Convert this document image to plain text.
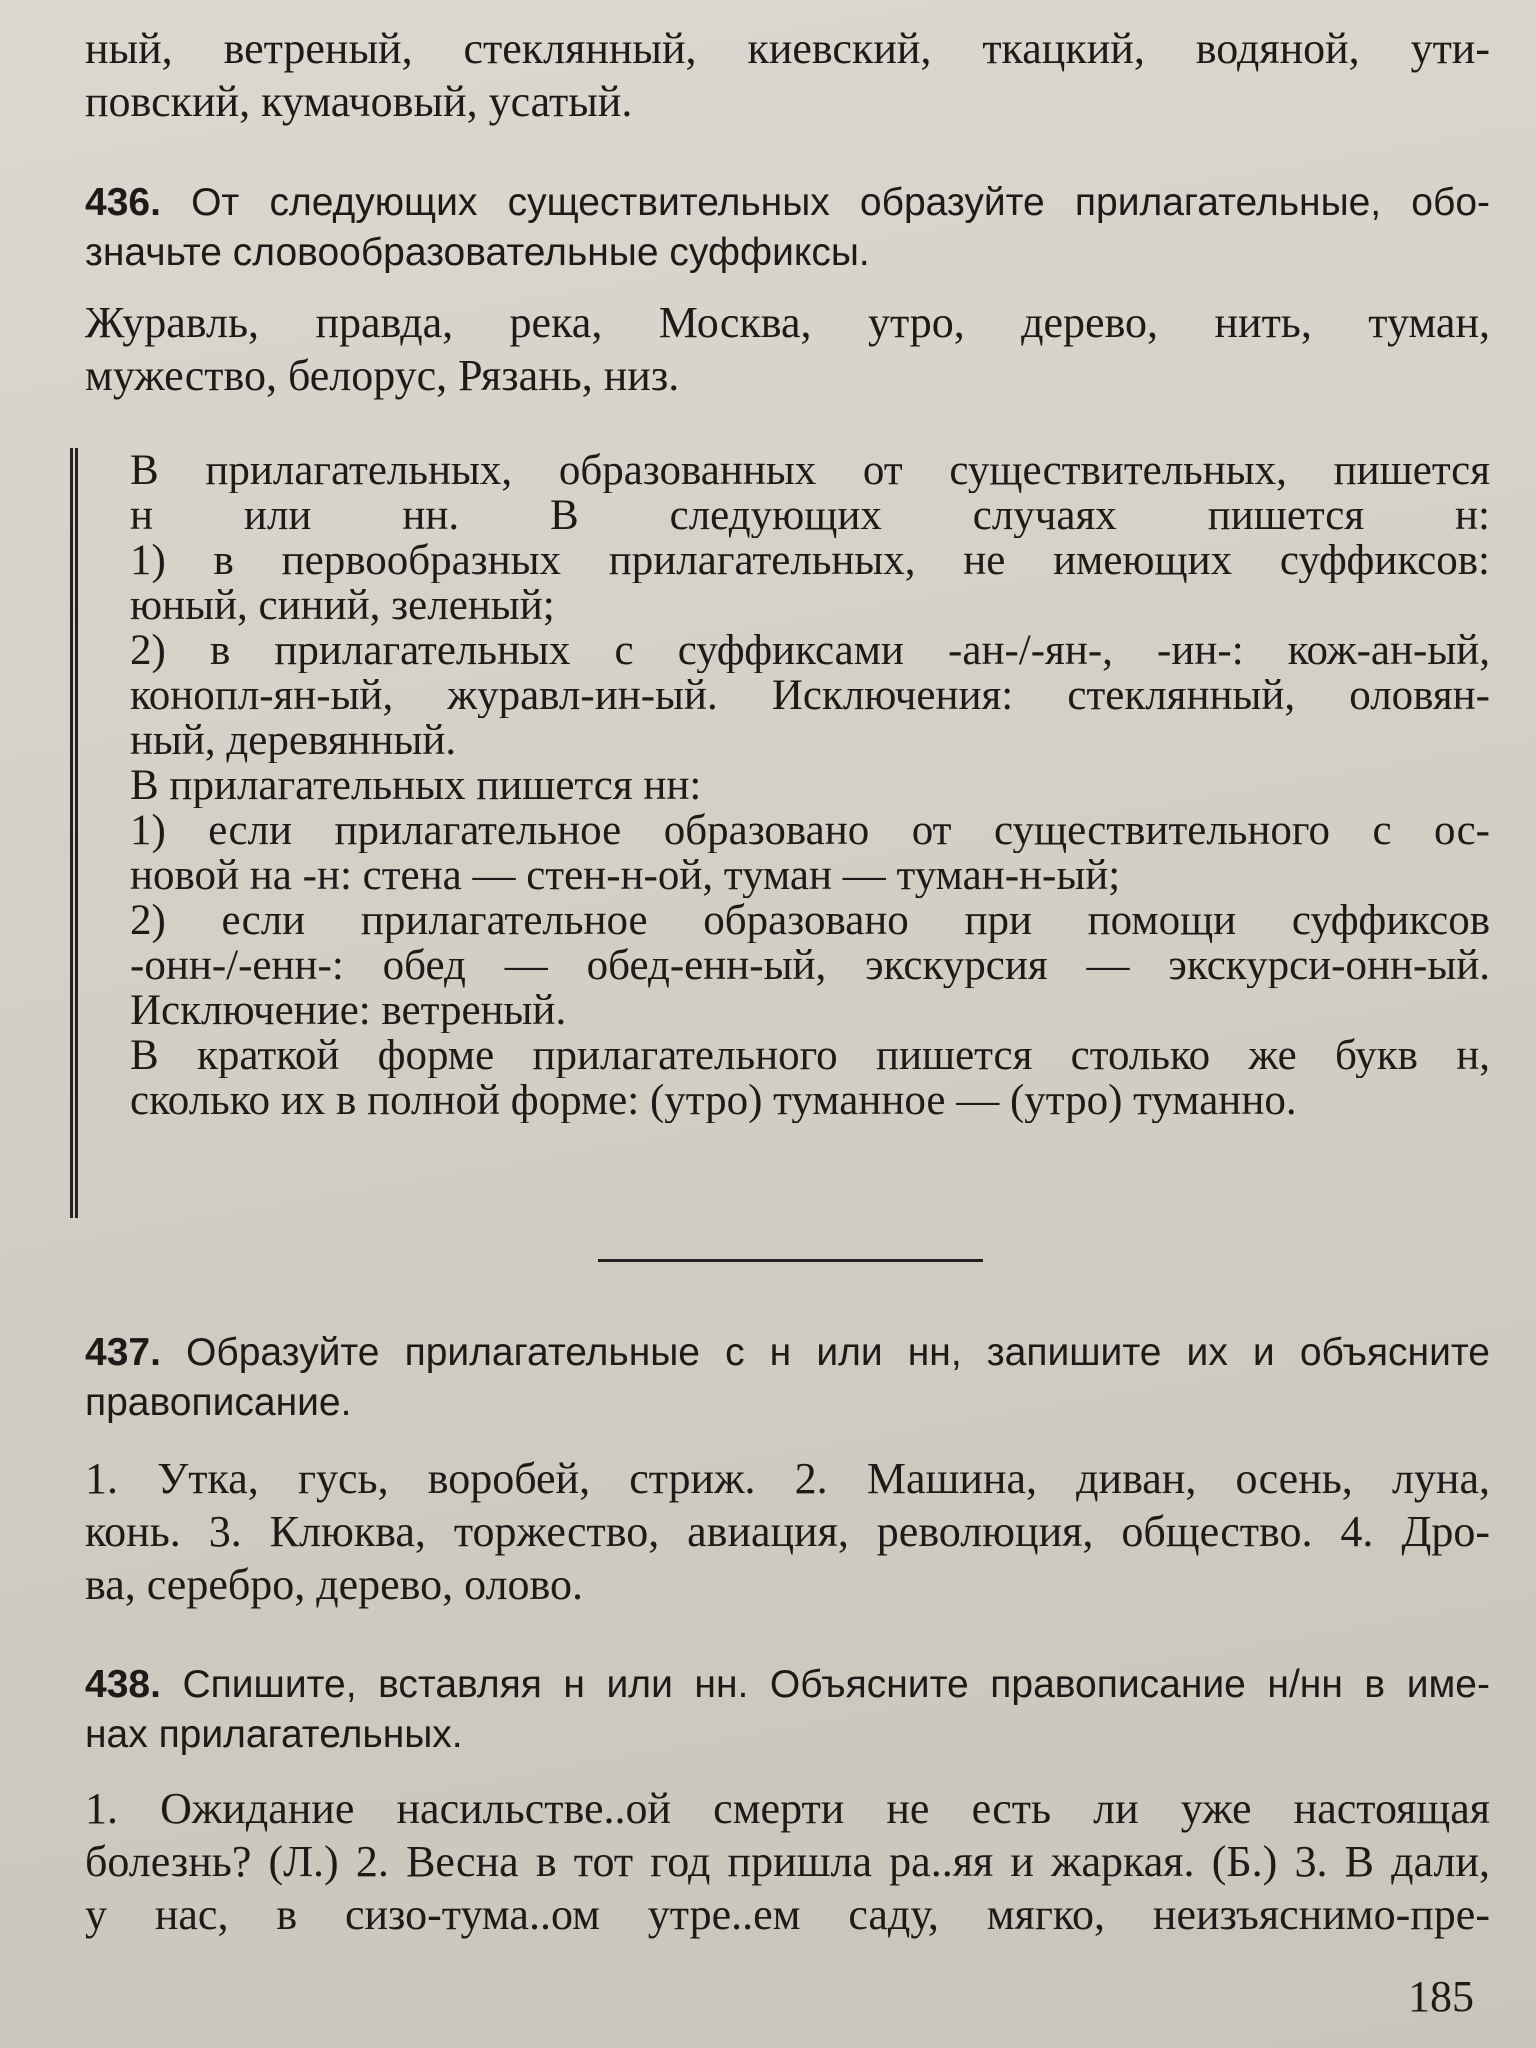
ный, ветреный, стеклянный, киевский, ткацкий, водяной, ути-
повский, кумачовый, усатый.
436. От следующих существительных образуйте прилагательные, обо-
значьте словообразовательные суффиксы.
Журавль, правда, река, Москва, утро, дерево, нить, туман,
мужество, белорус, Рязань, низ.
В прилагательных, образованных от существительных, пишется
н или нн. В следующих случаях пишется н:
1) в первообразных прилагательных, не имеющих суффиксов:
юный, синий, зеленый;
2) в прилагательных с суффиксами -ан-/-ян-, -ин-: кож-ан-ый,
конопл-ян-ый, журавл-ин-ый. Исключения: стеклянный, оловян-
ный, деревянный.
В прилагательных пишется нн:
1) если прилагательное образовано от существительного с ос-
новой на -н: стена — стен-н-ой, туман — туман-н-ый;
2) если прилагательное образовано при помощи суффиксов
-онн-/-енн-: обед — обед-енн-ый, экскурсия — экскурси-онн-ый.
Исключение: ветреный.
В краткой форме прилагательного пишется столько же букв н,
сколько их в полной форме: (утро) туманное — (утро) туманно.
437. Образуйте прилагательные с н или нн, запишите их и объясните
правописание.
1. Утка, гусь, воробей, стриж. 2. Машина, диван, осень, луна,
конь. 3. Клюква, торжество, авиация, революция, общество. 4. Дро-
ва, серебро, дерево, олово.
438. Спишите, вставляя н или нн. Объясните правописание н/нн в име-
нах прилагательных.
1. Ожидание насильстве..ой смерти не есть ли уже настоящая
болезнь? (Л.) 2. Весна в тот год пришла ра..яя и жаркая. (Б.) 3. В дали,
у нас, в сизо-тума..ом утре..ем саду, мягко, неизъяснимо-пре-
185
